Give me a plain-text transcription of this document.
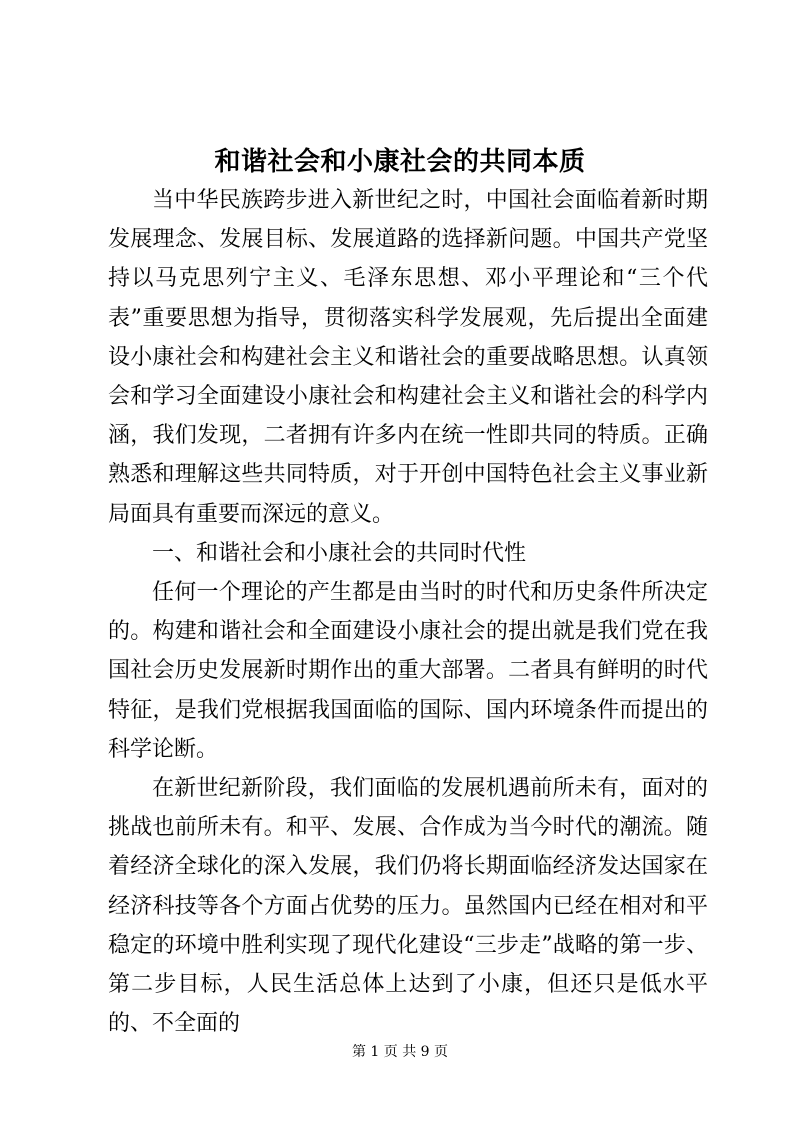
和谐社会和小康社会的共同本质

当中华民族跨步进入新世纪之时，中国社会面临着新时期发展理念、发展目标、发展道路的选择新问题。中国共产党坚持以马克思列宁主义、毛泽东思想、邓小平理论和“三个代表”重要思想为指导，贯彻落实科学发展观，先后提出全面建设小康社会和构建社会主义和谐社会的重要战略思想。认真领会和学习全面建设小康社会和构建社会主义和谐社会的科学内涵，我们发现，二者拥有许多内在统一性即共同的特质。正确熟悉和理解这些共同特质，对于开创中国特色社会主义事业新局面具有重要而深远的意义。

一、和谐社会和小康社会的共同时代性

任何一个理论的产生都是由当时的时代和历史条件所决定的。构建和谐社会和全面建设小康社会的提出就是我们党在我国社会历史发展新时期作出的重大部署。二者具有鲜明的时代特征，是我们党根据我国面临的国际、国内环境条件而提出的科学论断。

在新世纪新阶段，我们面临的发展机遇前所未有，面对的挑战也前所未有。和平、发展、合作成为当今时代的潮流。随着经济全球化的深入发展，我们仍将长期面临经济发达国家在经济科技等各个方面占优势的压力。虽然国内已经在相对和平稳定的环境中胜利实现了现代化建设“三步走”战略的第一步、第二步目标，人民生活总体上达到了小康，但还只是低水平的、不全面的

第 1 页 共 9 页
